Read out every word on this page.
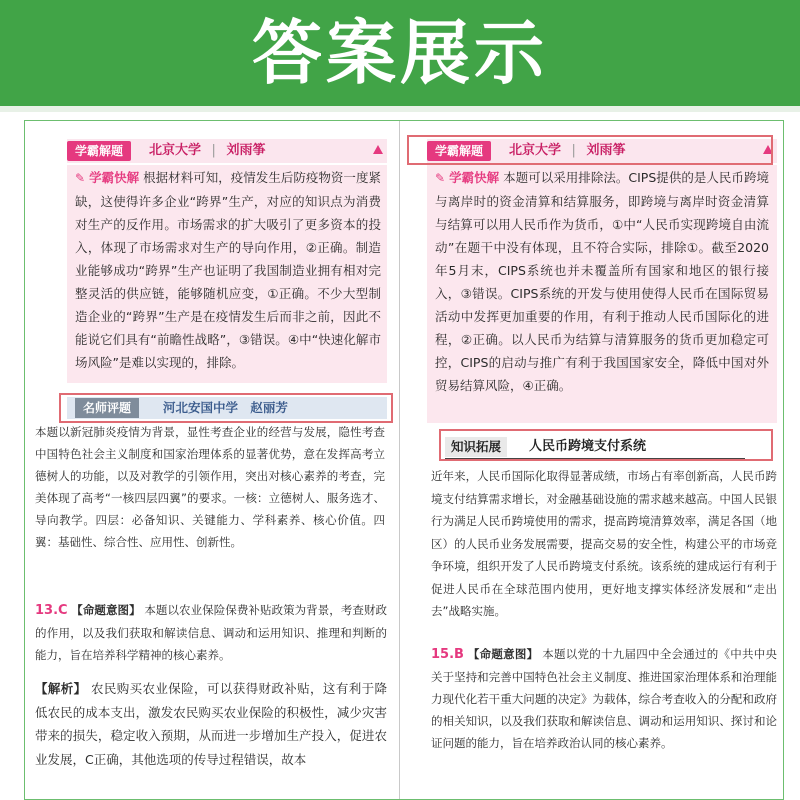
答案展示
学霸解题	北京大学 | 刘雨筝
✎ 学霸快解 根据材料可知，疫情发生后防疫物资一度紧缺，这使得许多企业“跨界”生产，对应的知识点为消费对生产的反作用。市场需求的扩大吸引了更多资本的投入，体现了市场需求对生产的导向作用，②正确。制造业能够成功“跨界”生产也证明了我国制造业拥有相对完整灵活的供应链，能够随机应变，①正确。不少大型制造企业的“跨界”生产是在疫情发生后而非之前，因此不能说它们具有“前瞻性战略”，③错误。④中“快速化解市场风险”是难以实现的，排除。
名师评题	河北安国中学 赵丽芳
本题以新冠肺炎疫情为背景，显性考查企业的经营与发展，隐性考查中国特色社会主义制度和国家治理体系的显著优势，意在发挥高考立德树人的功能，以及对教学的引领作用，突出对核心素养的考查，完美体现了高考“一核四层四翼”的要求。一核：立德树人、服务选才、导向教学。四层：必备知识、关键能力、学科素养、核心价值。四翼：基础性、综合性、应用性、创新性。
13.C 【命题意图】 本题以农业保险保费补贴政策为背景，考查财政的作用，以及我们获取和解读信息、调动和运用知识、推理和判断的能力，旨在培养科学精神的核心素养。
【解析】 农民购买农业保险，可以获得财政补贴，这有利于降低农民的成本支出，激发农民购买农业保险的积极性，减少灾害带来的损失，稳定收入预期，从而进一步增加生产投入，促进农业发展，C正确，其他选项的传导过程错误，故本
学霸解题	北京大学 | 刘雨筝
✎ 学霸快解 本题可以采用排除法。CIPS提供的是人民币跨境与离岸时的资金清算和结算服务，即跨境与离岸时资金清算与结算可以用人民币作为货币，①中“人民币实现跨境自由流动”在题干中没有体现，且不符合实际，排除①。截至2020年5月末，CIPS系统也并未覆盖所有国家和地区的银行接入，③错误。CIPS系统的开发与使用使得人民币在国际贸易活动中发挥更加重要的作用，有利于推动人民币国际化的进程，②正确。以人民币为结算与清算服务的货币更加稳定可控，CIPS的启动与推广有利于我国国家安全，降低中国对外贸易结算风险，④正确。
知识拓展	人民币跨境支付系统
近年来，人民币国际化取得显著成绩，市场占有率创新高，人民币跨境支付结算需求增长，对金融基础设施的需求越来越高。中国人民银行为满足人民币跨境使用的需求，提高跨境清算效率，满足各国（地区）的人民币业务发展需要，提高交易的安全性，构建公平的市场竞争环境，组织开发了人民币跨境支付系统。该系统的建成运行有利于促进人民币在全球范围内使用，更好地支撑实体经济发展和“走出去”战略实施。
15.B 【命题意图】 本题以党的十九届四中全会通过的《中共中央关于坚持和完善中国特色社会主义制度、推进国家治理体系和治理能力现代化若干重大问题的决定》为载体，综合考查收入的分配和政府的相关知识，以及我们获取和解读信息、调动和运用知识、探讨和论证问题的能力，旨在培养政治认同的核心素养。
